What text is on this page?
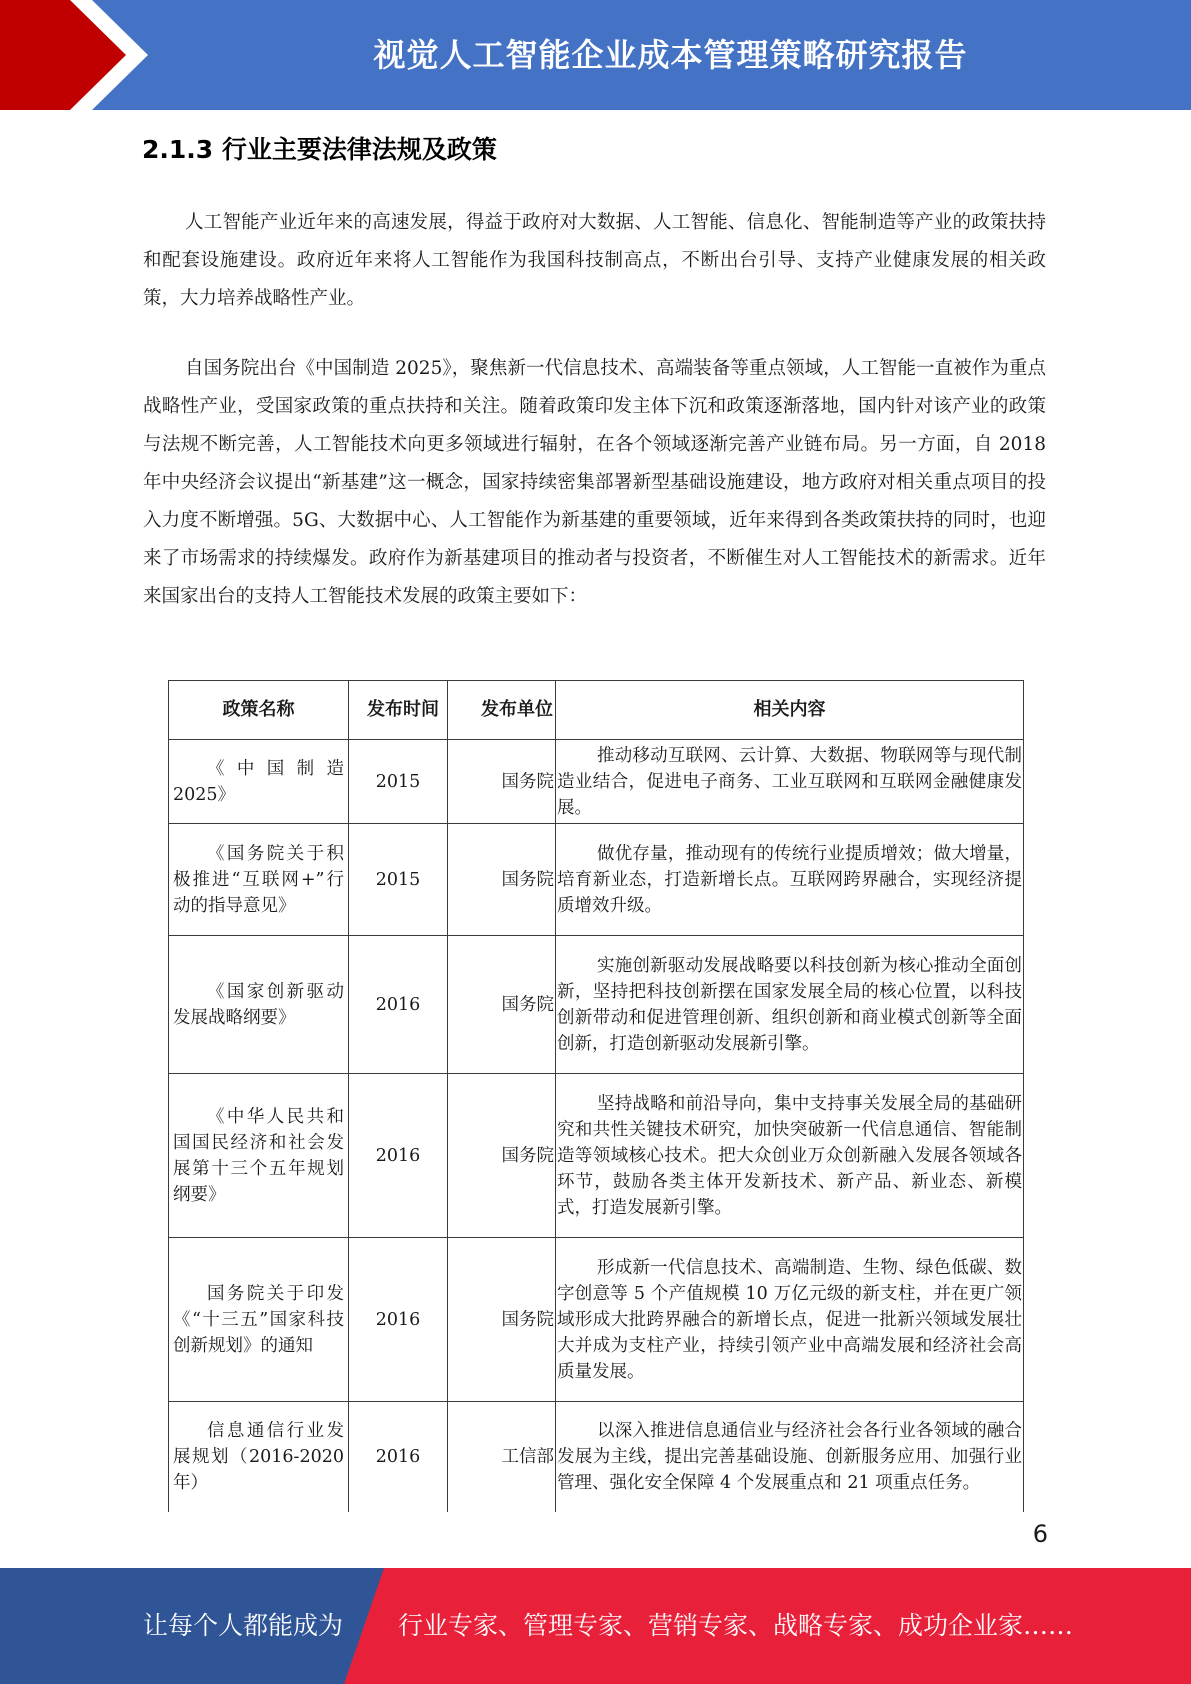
视觉人工智能企业成本管理策略研究报告
2.1.3 行业主要法律法规及政策

人工智能产业近年来的高速发展，得益于政府对大数据、人工智能、信息化、智能制造等产业的政策扶持和配套设施建设。政府近年来将人工智能作为我国科技制高点，不断出台引导、支持产业健康发展的相关政策，大力培养战略性产业。

自国务院出台《中国制造 2025》，聚焦新一代信息技术、高端装备等重点领域，人工智能一直被作为重点战略性产业，受国家政策的重点扶持和关注。随着政策印发主体下沉和政策逐渐落地，国内针对该产业的政策与法规不断完善，人工智能技术向更多领域进行辐射，在各个领域逐渐完善产业链布局。另一方面，自 2018 年中央经济会议提出“新基建”这一概念，国家持续密集部署新型基础设施建设，地方政府对相关重点项目的投入力度不断增强。5G、大数据中心、人工智能作为新基建的重要领域，近年来得到各类政策扶持的同时，也迎来了市场需求的持续爆发。政府作为新基建项目的推动者与投资者，不断催生对人工智能技术的新需求。近年来国家出台的支持人工智能技术发展的政策主要如下：

政策名称	发布时间	发布单位	相关内容
《中国制造 2025》	2015	国务院	推动移动互联网、云计算、大数据、物联网等与现代制造业结合，促进电子商务、工业互联网和互联网金融健康发展。
《国务院关于积极推进“互联网+”行动的指导意见》	2015	国务院	做优存量，推动现有的传统行业提质增效；做大增量，培育新业态，打造新增长点。互联网跨界融合，实现经济提质增效升级。
《国家创新驱动发展战略纲要》	2016	国务院	实施创新驱动发展战略要以科技创新为核心推动全面创新，坚持把科技创新摆在国家发展全局的核心位置，以科技创新带动和促进管理创新、组织创新和商业模式创新等全面创新，打造创新驱动发展新引擎。
《中华人民共和国国民经济和社会发展第十三个五年规划纲要》	2016	国务院	坚持战略和前沿导向，集中支持事关发展全局的基础研究和共性关键技术研究，加快突破新一代信息通信、智能制造等领域核心技术。把大众创业万众创新融入发展各领域各环节，鼓励各类主体开发新技术、新产品、新业态、新模式，打造发展新引擎。
国务院关于印发《“十三五”国家科技创新规划》的通知	2016	国务院	形成新一代信息技术、高端制造、生物、绿色低碳、数字创意等 5 个产值规模 10 万亿元级的新支柱，并在更广领域形成大批跨界融合的新增长点，促进一批新兴领域发展壮大并成为支柱产业，持续引领产业中高端发展和经济社会高质量发展。
信息通信行业发展规划（2016-2020 年）	2016	工信部	以深入推进信息通信业与经济社会各行业各领域的融合发展为主线，提出完善基础设施、创新服务应用、加强行业管理、强化安全保障 4 个发展重点和 21 项重点任务。
6
让每个人都能成为 行业专家、管理专家、营销专家、战略专家、成功企业家……
